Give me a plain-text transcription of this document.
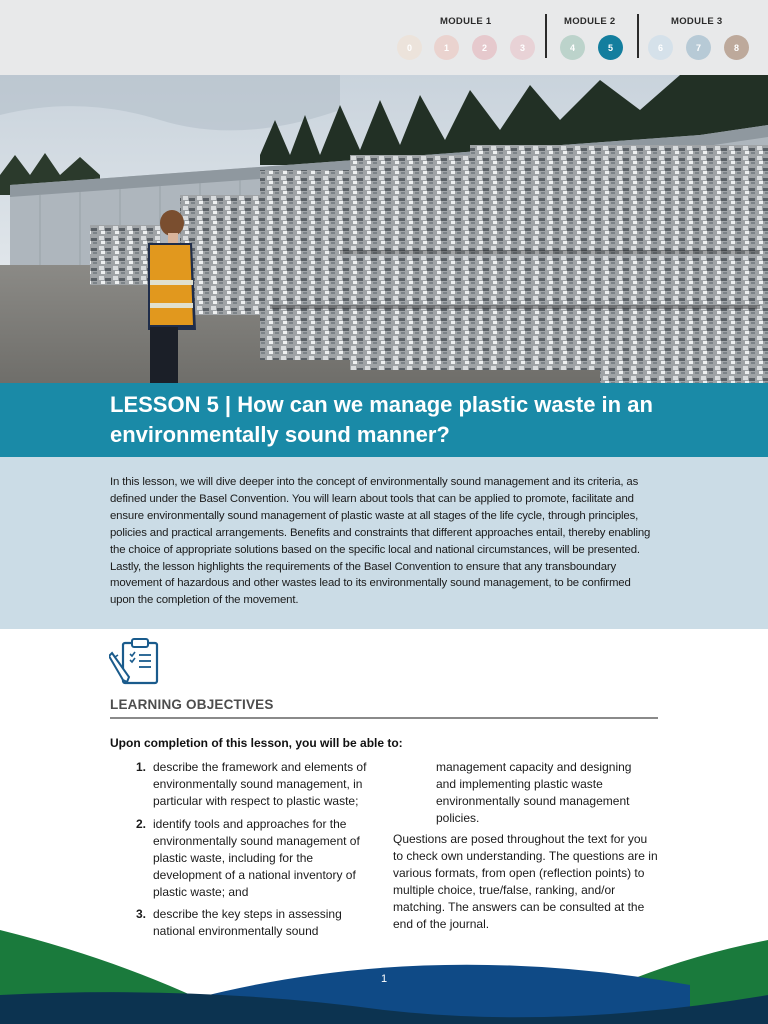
MODULE 1	MODULE 2	MODULE 3
0	1	2	3	4	5	6	7	8
LESSON 5 | How can we manage plastic waste in an environmentally sound manner?

In this lesson, we will dive deeper into the concept of environmentally sound management and its criteria, as defined under the Basel Convention. You will learn about tools that can be applied to promote, facilitate and ensure environmentally sound management of plastic waste at all stages of the life cycle, through principles, policies and practical arrangements. Benefits and constraints that different approaches entail, thereby enabling the choice of appropriate solutions based on the specific local and national circumstances, will be presented. Lastly, the lesson highlights the requirements of the Basel Convention to ensure that any transboundary movement of hazardous and other wastes lead to its environmentally sound management, to be confirmed upon the completion of the movement.

LEARNING OBJECTIVES
Upon completion of this lesson, you will be able to:
1. describe the framework and elements of environmentally sound management, in particular with respect to plastic waste;
2. identify tools and approaches for the environmentally sound management of plastic waste, including for the development of a national inventory of plastic waste; and
3. describe the key steps in assessing national environmentally sound
management capacity and designing and implementing plastic waste environmentally sound management policies.
Questions are posed throughout the text for you to check own understanding. The questions are in various formats, from open (reflection points) to multiple choice, true/false, ranking, and/or matching. The answers can be consulted at the end of the journal.
1
